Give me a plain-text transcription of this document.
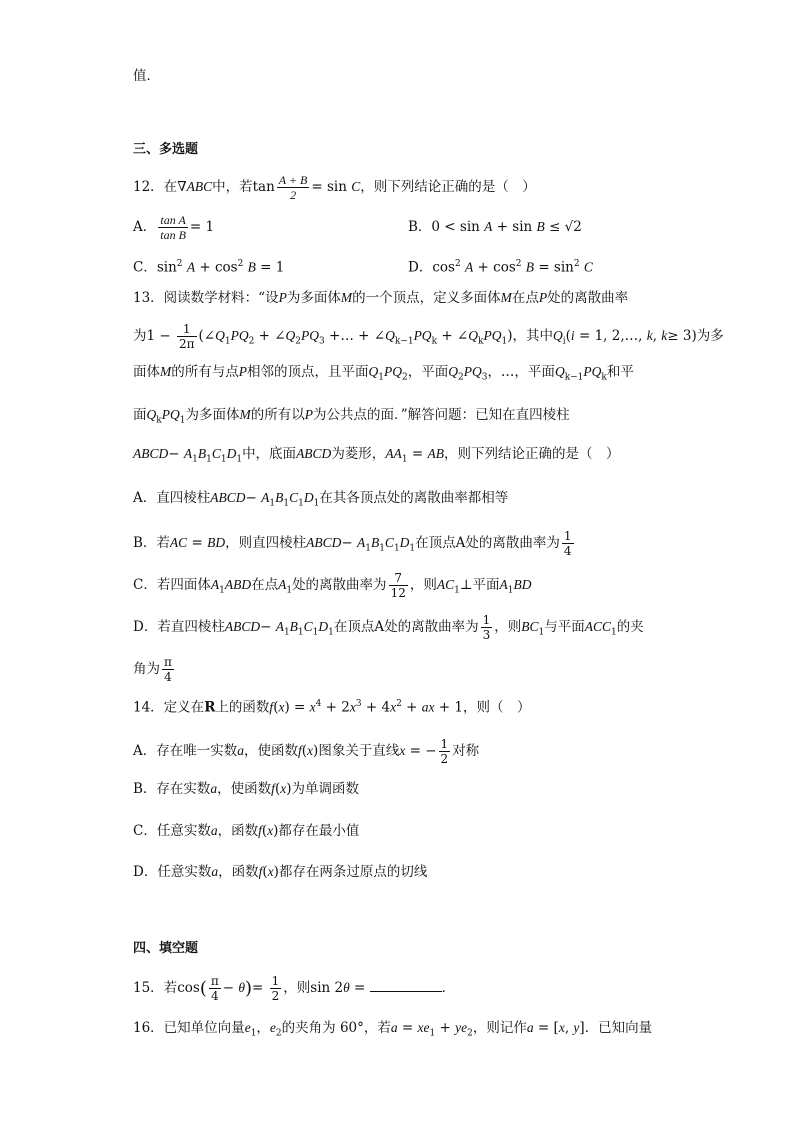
值．
三、多选题
12．在∇ABC中，若$\tan \frac{A + B}{2} = \sin C$，则下列结论正确的是（　）
A． $\frac{\text{tan A}}{\text{tan B}} = 1$	B．0 < sin A + sin B ≤ √2
C．$\sin^2 A + \cos^2 B = 1$	D．$\cos^2 A + \cos^2 B = \sin^2 C$
13．阅读数学材料：“设P为多面体M的一个顶点，定义多面体M在点P处的离散曲率
为$1 - \frac{1}{2\pi}$ ($\angle Q_1PQ_2$ + $\angle Q_2PQ_3$ +… + $\angle Q_{k-1}PQ_k$ + $\angle Q_kPQ_1$)，其中$Q_i(i = 1$, 2,…, k, k≥ 3)为多
面体M的所有与点P相邻的顶点，且平面$Q_1PQ_2$，平面$Q_2PQ_3$，…，平面$Q_{k-1}PQ_k$和平
面$Q_kPQ_1$为多面体M的所有以P为公共点的面．”解答问题：已知在直四棱柱
ABCD− $A_1B_1C_1D_1$中，底面ABCD为菱形，$AA_1$ = AB，则下列结论正确的是（　）
A．直四棱柱ABCD− $A_1B_1C_1D_1$在其各顶点处的离散曲率都相等
B．若AC = BD，则直四棱柱ABCD− $A_1B_1C_1D_1$在顶点A处的离散曲率为 $\frac{1}{4}$
C．若四面体$A_1ABD$在点$A_1$处的离散曲率为 $\frac{7}{12}$ ，则$AC_1\perp$平面$A_1BD$
D．若直四棱柱ABCD− $A_1B_1C_1D_1$在顶点A处的离散曲率为 $\frac{1}{3}$ ，则$BC_1$与平面$ACC_1$的夹
角为 $\frac{\pi}{4}$
14．定义在R上的函数$f(x) = x^4 + 2x^3 + 4x^2$ + ax + 1，则（　）
A．存在唯一实数a，使函数f(x)图象关于直线x = − $\frac{1}{2}$ 对称
B．存在实数a，使函数f(x)为单调函数
C．任意实数a，函数f(x)都存在最小值
D．任意实数a，函数f(x)都存在两条过原点的切线
四、填空题
15．若$\cos( \frac{\pi}{4} - \theta)= \frac{1}{2}$ ，则sin 2θ =	．
16．已知单位向量$e_1$，$e_2$的夹角为 60°，若$a = xe_1 + ye_2$，则记作a = [x, y]．已知向量
